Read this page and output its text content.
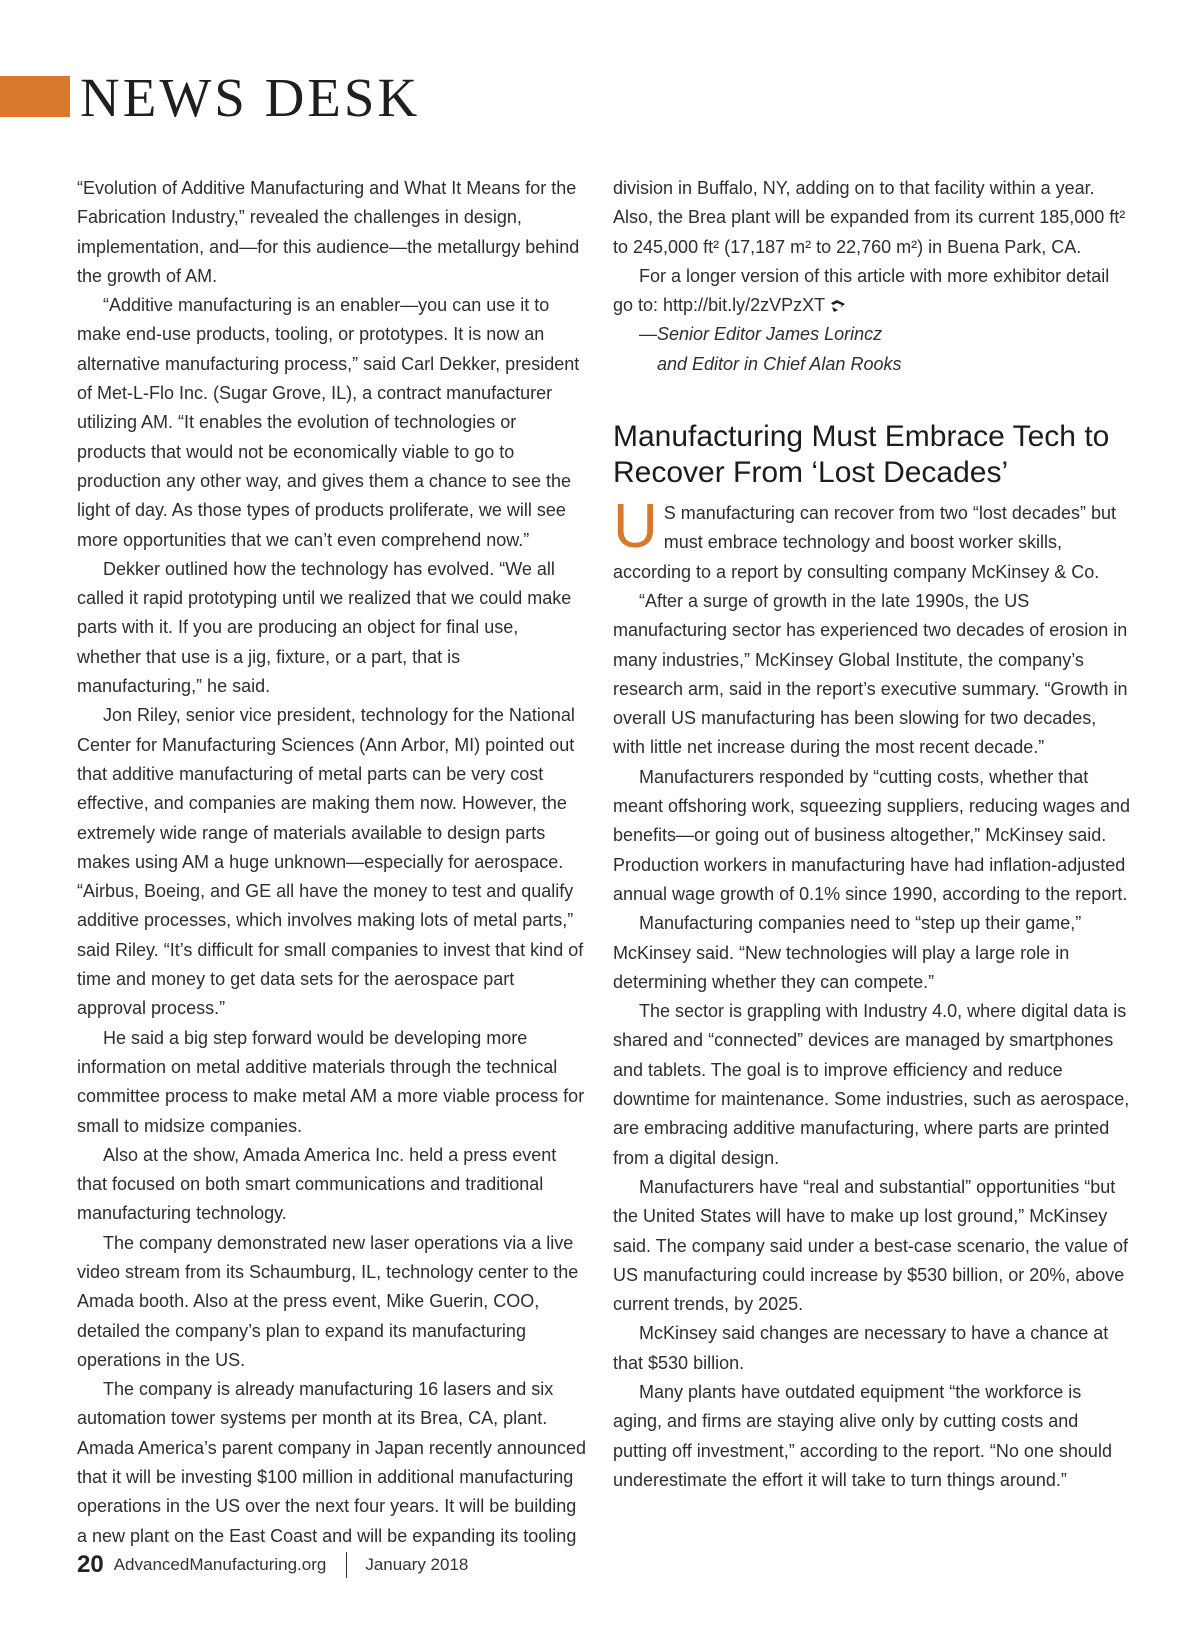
NEWS DESK

“Evolution of Additive Manufacturing and What It Means for the Fabrication Industry,” revealed the challenges in design, implementation, and—for this audience—the metallurgy behind the growth of AM.

“Additive manufacturing is an enabler—you can use it to make end-use products, tooling, or prototypes. It is now an alternative manufacturing process,” said Carl Dekker, president of Met-L-Flo Inc. (Sugar Grove, IL), a contract manufacturer utilizing AM. “It enables the evolution of technologies or products that would not be economically viable to go to production any other way, and gives them a chance to see the light of day. As those types of products proliferate, we will see more opportunities that we can’t even comprehend now.”

Dekker outlined how the technology has evolved. “We all called it rapid prototyping until we realized that we could make parts with it. If you are producing an object for final use, whether that use is a jig, fixture, or a part, that is manufacturing,” he said.

Jon Riley, senior vice president, technology for the National Center for Manufacturing Sciences (Ann Arbor, MI) pointed out that additive manufacturing of metal parts can be very cost effective, and companies are making them now. However, the extremely wide range of materials available to design parts makes using AM a huge unknown—especially for aerospace. “Airbus, Boeing, and GE all have the money to test and qualify additive processes, which involves making lots of metal parts,” said Riley. “It’s difficult for small companies to invest that kind of time and money to get data sets for the aerospace part approval process.”

He said a big step forward would be developing more information on metal additive materials through the technical committee process to make metal AM a more viable process for small to midsize companies.

Also at the show, Amada America Inc. held a press event that focused on both smart communications and traditional manufacturing technology.

The company demonstrated new laser operations via a live video stream from its Schaumburg, IL, technology center to the Amada booth. Also at the press event, Mike Guerin, COO, detailed the company’s plan to expand its manufacturing operations in the US.

The company is already manufacturing 16 lasers and six automation tower systems per month at its Brea, CA, plant. Amada America’s parent company in Japan recently announced that it will be investing $100 million in additional manufacturing operations in the US over the next four years. It will be building a new plant on the East Coast and will be expanding its tooling

division in Buffalo, NY, adding on to that facility within a year. Also, the Brea plant will be expanded from its current 185,000 ft² to 245,000 ft² (17,187 m² to 22,760 m²) in Buena Park, CA.

For a longer version of this article with more exhibitor detail go to: http://bit.ly/2zVPzXT

—Senior Editor James Lorincz
and Editor in Chief Alan Rooks
Manufacturing Must Embrace Tech to Recover From ‘Lost Decades’

U S manufacturing can recover from two “lost decades” but must embrace technology and boost worker skills, according to a report by consulting company McKinsey & Co.

“After a surge of growth in the late 1990s, the US manufacturing sector has experienced two decades of erosion in many industries,” McKinsey Global Institute, the company’s research arm, said in the report’s executive summary. “Growth in overall US manufacturing has been slowing for two decades, with little net increase during the most recent decade.”

Manufacturers responded by “cutting costs, whether that meant offshoring work, squeezing suppliers, reducing wages and benefits—or going out of business altogether,” McKinsey said. Production workers in manufacturing have had inflation-adjusted annual wage growth of 0.1% since 1990, according to the report.

Manufacturing companies need to “step up their game,” McKinsey said. “New technologies will play a large role in determining whether they can compete.”

The sector is grappling with Industry 4.0, where digital data is shared and “connected” devices are managed by smartphones and tablets. The goal is to improve efficiency and reduce downtime for maintenance. Some industries, such as aerospace, are embracing additive manufacturing, where parts are printed from a digital design.

Manufacturers have “real and substantial” opportunities “but the United States will have to make up lost ground,” McKinsey said. The company said under a best-case scenario, the value of US manufacturing could increase by $530 billion, or 20%, above current trends, by 2025.

McKinsey said changes are necessary to have a chance at that $530 billion.

Many plants have outdated equipment “the workforce is aging, and firms are staying alive only by cutting costs and putting off investment,” according to the report. “No one should underestimate the effort it will take to turn things around.”

20 AdvancedManufacturing.org January 2018
